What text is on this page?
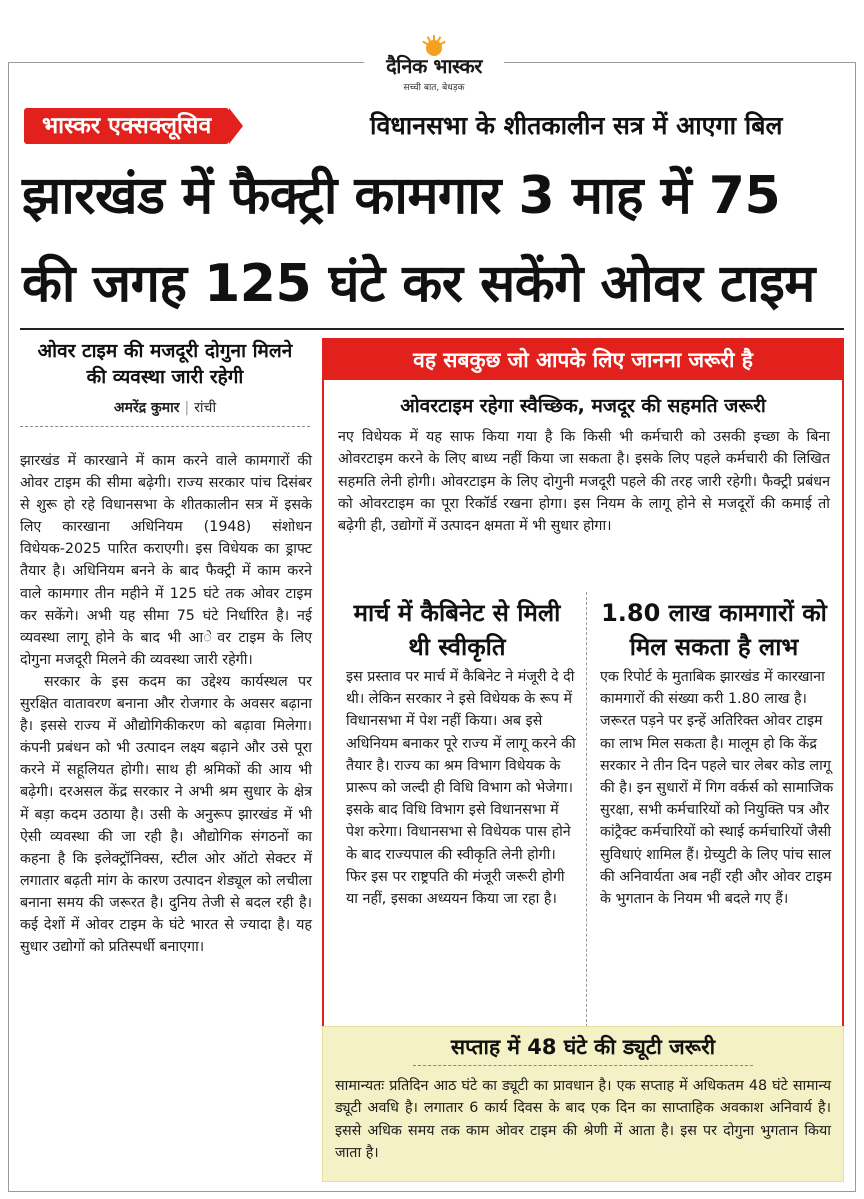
दैनिक भास्कर
सच्ची बात, बेधड़क
भास्कर एक्सक्लूसिव	विधानसभा के शीतकालीन सत्र में आएगा बिल
झारखंड में फैक्ट्री कामगार 3 माह में 75
की जगह 125 घंटे कर सकेंगे ओवर टाइम
ओवर टाइम की मजदूरी दोगुना मिलने की व्यवस्था जारी रहेगी
अमरेंद्र कुमार | रांची

झारखंड में कारखाने में काम करने वाले कामगारों की ओवर टाइम की सीमा बढ़ेगी। राज्य सरकार पांच दिसंबर से शुरू हो रहे विधानसभा के शीतकालीन सत्र में इसके लिए कारखाना अधिनियम (1948) संशोधन विधेयक-2025 पारित कराएगी। इस विधेयक का ड्राफ्ट तैयार है। अधिनियम बनने के बाद फैक्ट्री में काम करने वाले कामगार तीन महीने में 125 घंटे तक ओवर टाइम कर सकेंगे। अभी यह सीमा 75 घंटे निर्धारित है। नई व्यवस्था लागू होने के बाद भी आ◌ेवर टाइम के लिए दोगुना मजदूरी मिलने की व्यवस्था जारी रहेगी।

सरकार के इस कदम का उद्देश्य कार्यस्थल पर सुरक्षित वातावरण बनाना और रोजगार के अवसर बढ़ाना है। इससे राज्य में औद्योगिकीकरण को बढ़ावा मिलेगा। कंपनी प्रबंधन को भी उत्पादन लक्ष्य बढ़ाने और उसे पूरा करने में सहूलियत होगी। साथ ही श्रमिकों की आय भी बढ़ेगी। दरअसल केंद्र सरकार ने अभी श्रम सुधार के क्षेत्र में बड़ा कदम उठाया है। उसी के अनुरूप झारखंड में भी ऐसी व्यवस्था की जा रही है। औद्योगिक संगठनों का कहना है कि इलेक्ट्रॉनिक्स, स्टील ओर ऑटो सेक्टर में लगातार बढ़ती मांग के कारण उत्पादन शेड्यूल को लचीला बनाना समय की जरूरत है। दुनिय तेजी से बदल रही है। कई देशों में ओवर टाइम के घंटे भारत से ज्यादा है। यह सुधार उद्योगों को प्रतिस्पर्धी बनाएगा।

वह सबकुछ जो आपके लिए जानना जरूरी है
ओवरटाइम रहेगा स्वैच्छिक, मजदूर की सहमति जरूरी
नए विधेयक में यह साफ किया गया है कि किसी भी कर्मचारी को उसकी इच्छा के बिना ओवरटाइम करने के लिए बाध्य नहीं किया जा सकता है। इसके लिए पहले कर्मचारी की लिखित सहमति लेनी होगी। ओवरटाइम के लिए दोगुनी मजदूरी पहले की तरह जारी रहेगी। फैक्ट्री प्रबंधन को ओवरटाइम का पूरा रिकॉर्ड रखना होगा। इस नियम के लागू होने से मजदूरों की कमाई तो बढ़ेगी ही, उद्योगों में उत्पादन क्षमता में भी सुधार होगा।
मार्च में कैबिनेट से मिली थी स्वीकृति
1.80 लाख कामगारों को मिल सकता है लाभ
इस प्रस्ताव पर मार्च में कैबिनेट ने मंजूरी दे दी थी। लेकिन सरकार ने इसे विधेयक के रूप में विधानसभा में पेश नहीं किया। अब इसे अधिनियम बनाकर पूरे राज्य में लागू करने की तैयार है। राज्य का श्रम विभाग विधेयक के प्रारूप को जल्दी ही विधि विभाग को भेजेगा। इसके बाद विधि विभाग इसे विधानसभा में पेश करेगा। विधानसभा से विधेयक पास होने के बाद राज्यपाल की स्वीकृति लेनी होगी। फिर इस पर राष्ट्रपति की मंजूरी जरूरी होगी या नहीं, इसका अध्ययन किया जा रहा है।
एक रिपोर्ट के मुताबिक झारखंड में कारखाना कामगारों की संख्या करी 1.80 लाख है। जरूरत पड़ने पर इन्हें अतिरिक्त ओवर टाइम का लाभ मिल सकता है। मालूम हो कि केंद्र सरकार ने तीन दिन पहले चार लेबर कोड लागू की है। इन सुधारों में गिग वर्कर्स को सामाजिक सुरक्षा, सभी कर्मचारियों को नियुक्ति पत्र और कांट्रैक्ट कर्मचारियों को स्थाई कर्मचारियों जैसी सुविधाएं शामिल हैं। ग्रेच्युटी के लिए पांच साल की अनिवार्यता अब नहीं रही और ओवर टाइम के भुगतान के नियम भी बदले गए हैं।
सप्ताह में 48 घंटे की ड्यूटी जरूरी
सामान्यतः प्रतिदिन आठ घंटे का ड्यूटी का प्रावधान है। एक सप्ताह में अधिकतम 48 घंटे सामान्य ड्यूटी अवधि है। लगातार 6 कार्य दिवस के बाद एक दिन का साप्ताहिक अवकाश अनिवार्य है। इससे अधिक समय तक काम ओवर टाइम की श्रेणी में आता है। इस पर दोगुना भुगतान किया जाता है।
